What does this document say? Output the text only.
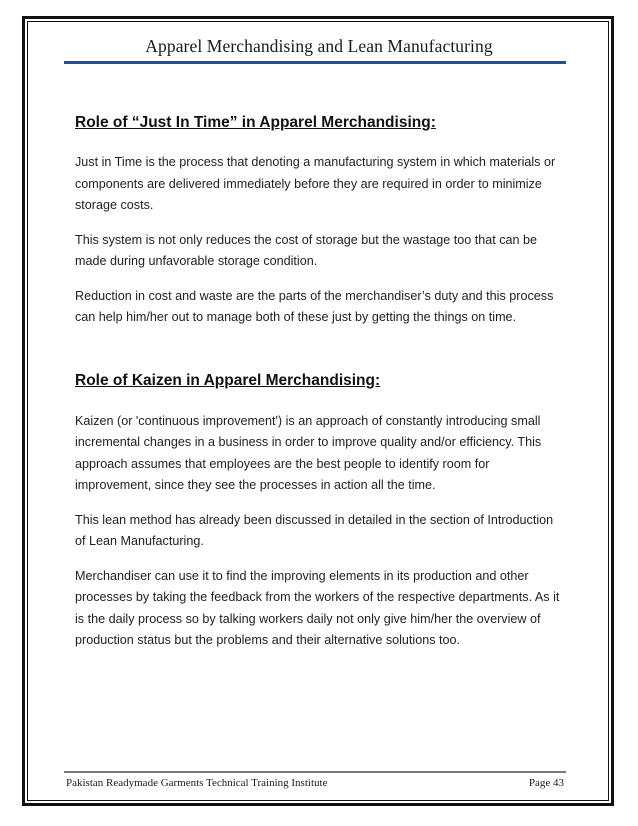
Apparel Merchandising and Lean Manufacturing
Role of “Just In Time” in Apparel Merchandising:

Just in Time is the process that denoting a manufacturing system in which materials or
components are delivered immediately before they are required in order to minimize
storage costs.

This system is not only reduces the cost of storage but the wastage too that can be
made during unfavorable storage condition.

Reduction in cost and waste are the parts of the merchandiser’s duty and this process
can help him/her out to manage both of these just by getting the things on time.

Role of Kaizen in Apparel Merchandising:

Kaizen (or 'continuous improvement') is an approach of constantly introducing small
incremental changes in a business in order to improve quality and/or efficiency. This
approach assumes that employees are the best people to identify room for
improvement, since they see the processes in action all the time.

This lean method has already been discussed in detailed in the section of Introduction
of Lean Manufacturing.

Merchandiser can use it to find the improving elements in its production and other
processes by taking the feedback from the workers of the respective departments. As it
is the daily process so by talking workers daily not only give him/her the overview of
production status but the problems and their alternative solutions too.

Pakistan Readymade Garments Technical Training Institute	Page 43
